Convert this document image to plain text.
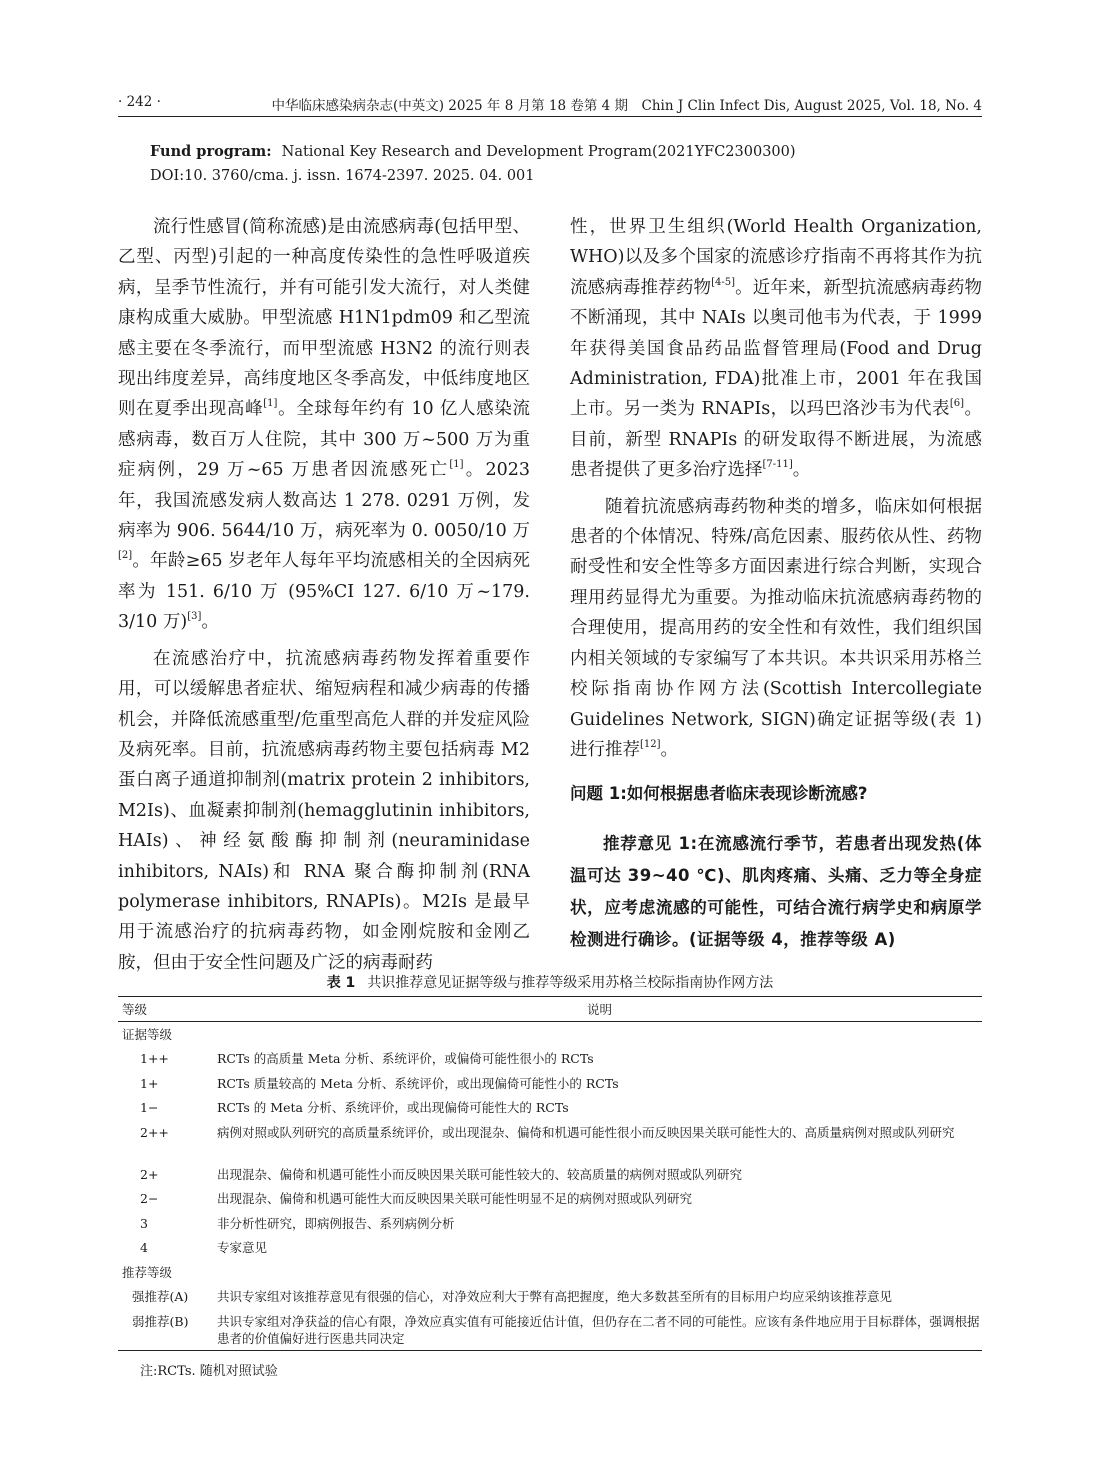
· 242 ·	中华临床感染病杂志(中英文) 2025 年 8 月第 18 卷第 4 期　Chin J Clin Infect Dis, August 2025, Vol. 18, No. 4
Fund program: National Key Research and Development Program(2021YFC2300300)
DOI:10. 3760/cma. j. issn. 1674-2397. 2025. 04. 001

流行性感冒(简称流感)是由流感病毒(包括甲型、乙型、丙型)引起的一种高度传染性的急性呼吸道疾病，呈季节性流行，并有可能引发大流行，对人类健康构成重大威胁。甲型流感 H1N1pdm09 和乙型流感主要在冬季流行，而甲型流感 H3N2 的流行则表现出纬度差异，高纬度地区冬季高发，中低纬度地区则在夏季出现高峰[1]。全球每年约有 10 亿人感染流感病毒，数百万人住院，其中 300 万~500 万为重症病例，29 万~65 万患者因流感死亡[1]。2023 年，我国流感发病人数高达 1 278. 0291 万例，发病率为 906. 5644/10 万，病死率为 0. 0050/10 万[2]。年龄≥65 岁老年人每年平均流感相关的全因病死率为 151. 6/10 万 (95%CI 127. 6/10 万~179. 3/10 万)[3]。

在流感治疗中，抗流感病毒药物发挥着重要作用，可以缓解患者症状、缩短病程和减少病毒的传播机会，并降低流感重型/危重型高危人群的并发症风险及病死率。目前，抗流感病毒药物主要包括病毒 M2 蛋白离子通道抑制剂(matrix protein 2 inhibitors, M2Is)、血凝素抑制剂(hemagglutinin inhibitors, HAIs)、神经氨酸酶抑制剂(neuraminidase inhibitors, NAIs)和 RNA 聚合酶抑制剂(RNA polymerase inhibitors, RNAPIs)。M2Is 是最早用于流感治疗的抗病毒药物，如金刚烷胺和金刚乙胺，但由于安全性问题及广泛的病毒耐药

性，世界卫生组织(World Health Organization, WHO)以及多个国家的流感诊疗指南不再将其作为抗流感病毒推荐药物[4-5]。近年来，新型抗流感病毒药物不断涌现，其中 NAIs 以奥司他韦为代表，于 1999 年获得美国食品药品监督管理局(Food and Drug Administration, FDA)批准上市，2001 年在我国上市。另一类为 RNAPIs，以玛巴洛沙韦为代表[6]。目前，新型 RNAPIs 的研发取得不断进展，为流感患者提供了更多治疗选择[7-11]。

随着抗流感病毒药物种类的增多，临床如何根据患者的个体情况、特殊/高危因素、服药依从性、药物耐受性和安全性等多方面因素进行综合判断，实现合理用药显得尤为重要。为推动临床抗流感病毒药物的合理使用，提高用药的安全性和有效性，我们组织国内相关领域的专家编写了本共识。本共识采用苏格兰校际指南协作网方法(Scottish Intercollegiate Guidelines Network, SIGN)确定证据等级(表 1)进行推荐[12]。

问题 1:如何根据患者临床表现诊断流感?

推荐意见 1:在流感流行季节，若患者出现发热(体温可达 39~40 ℃)、肌肉疼痛、头痛、乏力等全身症状，应考虑流感的可能性，可结合流行病学史和病原学检测进行确诊。(证据等级 4，推荐等级 A)

表 1 共识推荐意见证据等级与推荐等级采用苏格兰校际指南协作网方法
等级	说明
证据等级	
1++	RCTs 的高质量 Meta 分析、系统评价，或偏倚可能性很小的 RCTs
1+	RCTs 质量较高的 Meta 分析、系统评价，或出现偏倚可能性小的 RCTs
1−	RCTs 的 Meta 分析、系统评价，或出现偏倚可能性大的 RCTs
2++	病例对照或队列研究的高质量系统评价，或出现混杂、偏倚和机遇可能性很小而反映因果关联可能性大的、高质量病例对照或队列研究
2+	出现混杂、偏倚和机遇可能性小而反映因果关联可能性较大的、较高质量的病例对照或队列研究
2−	出现混杂、偏倚和机遇可能性大而反映因果关联可能性明显不足的病例对照或队列研究
3	非分析性研究，即病例报告、系列病例分析
4	专家意见
推荐等级	
强推荐(A)	共识专家组对该推荐意见有很强的信心，对净效应利大于弊有高把握度，绝大多数甚至所有的目标用户均应采纳该推荐意见
弱推荐(B)	共识专家组对净获益的信心有限，净效应真实值有可能接近估计值，但仍存在二者不同的可能性。应该有条件地应用于目标群体，强调根据患者的价值偏好进行医患共同决定
注:RCTs. 随机对照试验
